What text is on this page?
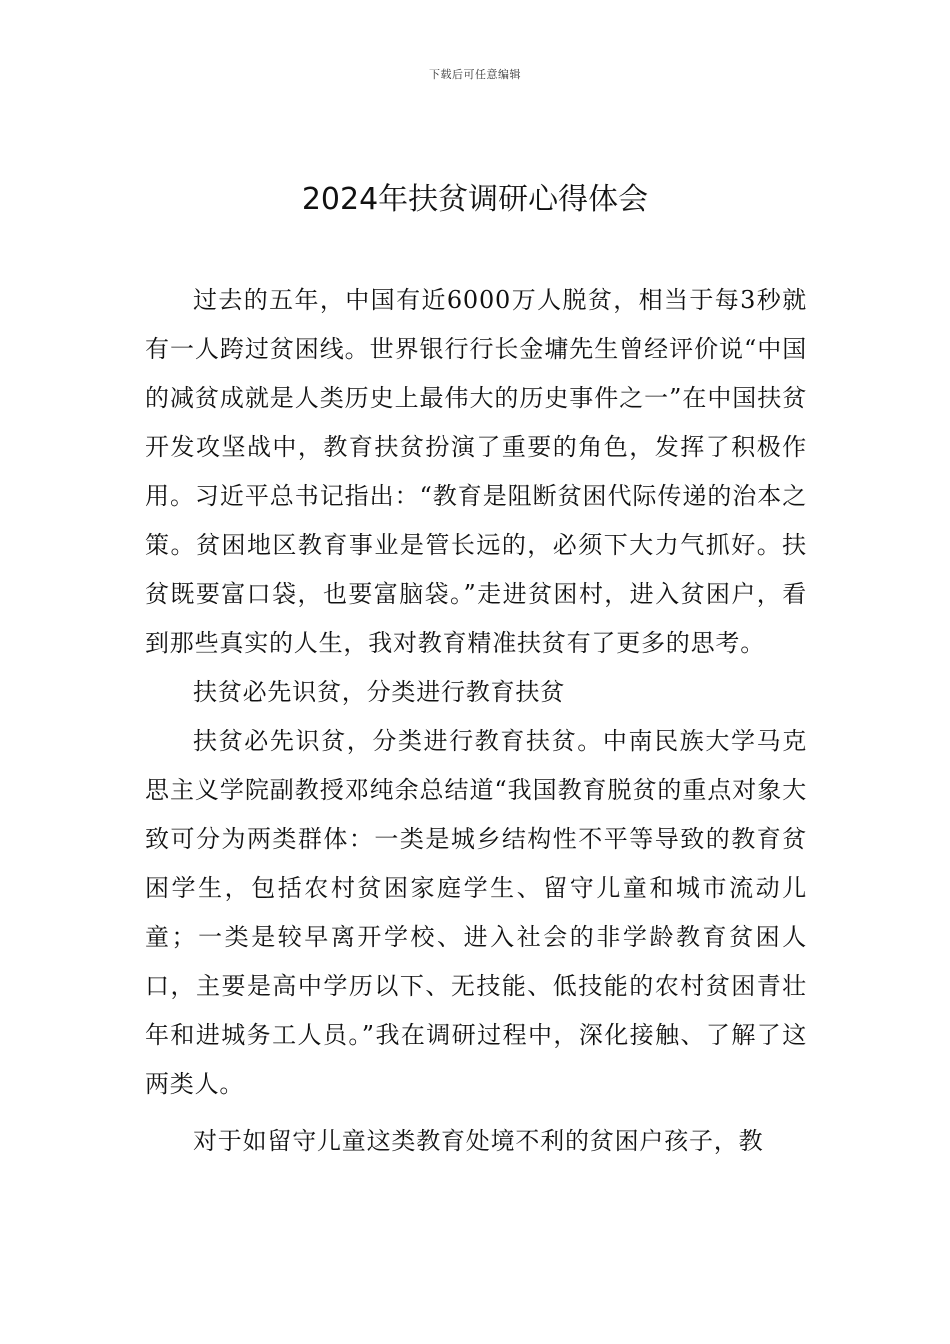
下载后可任意编辑
2024年扶贫调研心得体会

过去的五年，中国有近6000万人脱贫，相当于每3秒就有一人跨过贫困线。世界银行行长金墉先生曾经评价说“中国的减贫成就是人类历史上最伟大的历史事件之一”在中国扶贫开发攻坚战中，教育扶贫扮演了重要的角色，发挥了积极作用。习近平总书记指出：“教育是阻断贫困代际传递的治本之策。贫困地区教育事业是管长远的，必须下大力气抓好。扶贫既要富口袋，也要富脑袋。”走进贫困村，进入贫困户，看到那些真实的人生，我对教育精准扶贫有了更多的思考。

扶贫必先识贫，分类进行教育扶贫

扶贫必先识贫，分类进行教育扶贫。中南民族大学马克思主义学院副教授邓纯余总结道“我国教育脱贫的重点对象大致可分为两类群体：一类是城乡结构性不平等导致的教育贫困学生，包括农村贫困家庭学生、留守儿童和城市流动儿童；一类是较早离开学校、进入社会的非学龄教育贫困人口，主要是高中学历以下、无技能、低技能的农村贫困青壮年和进城务工人员。”我在调研过程中，深化接触、了解了这两类人。

对于如留守儿童这类教育处境不利的贫困户孩子，教
